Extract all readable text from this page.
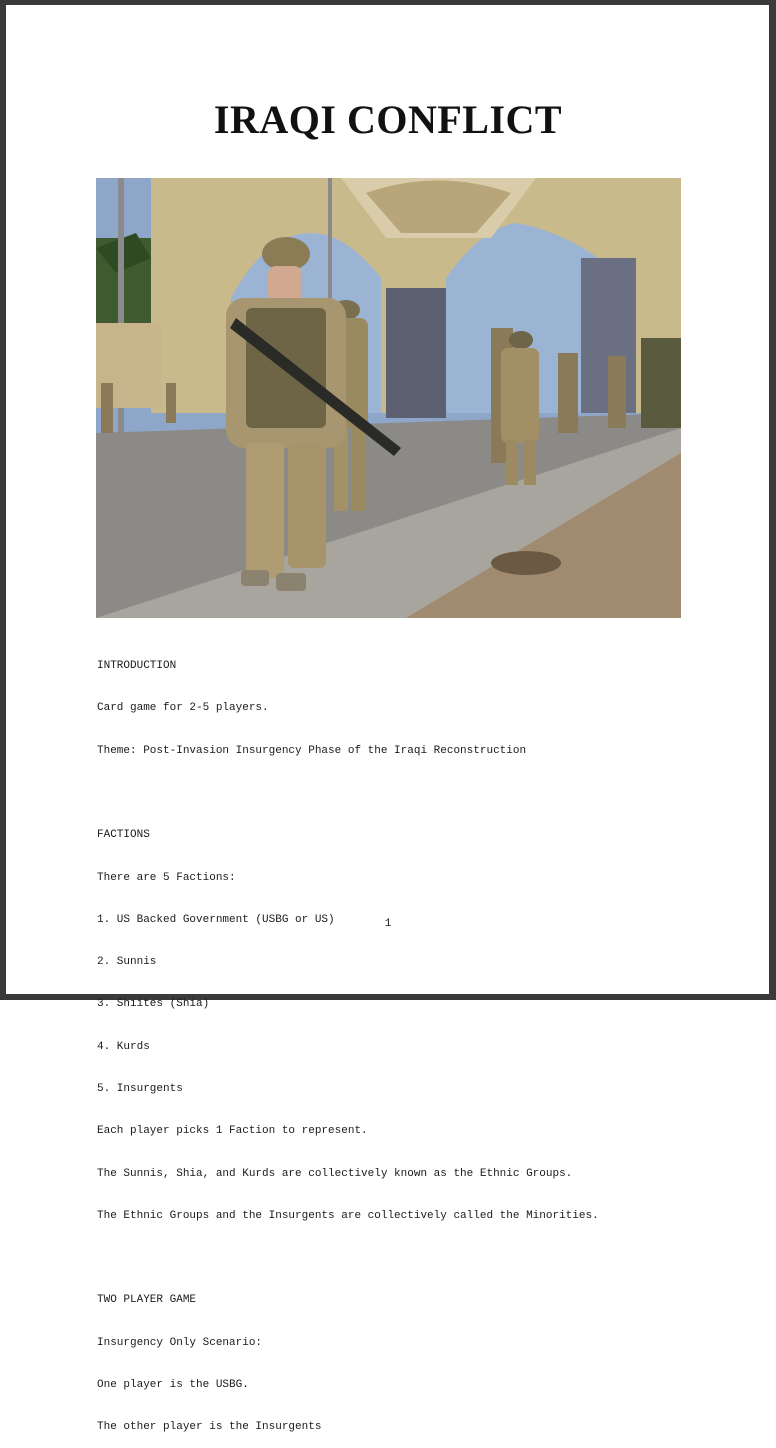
IRAQI CONFLICT

INTRODUCTION

Card game for 2-5 players.

Theme: Post-Invasion Insurgency Phase of the Iraqi Reconstruction

FACTIONS

There are 5 Factions:

1. US Backed Government (USBG or US)

2. Sunnis

3. Shiites (Shia)

4. Kurds

5. Insurgents

Each player picks 1 Faction to represent.

The Sunnis, Shia, and Kurds are collectively known as the Ethnic Groups.

The Ethnic Groups and the Insurgents are collectively called the Minorities.

TWO PLAYER GAME

Insurgency Only Scenario:

One player is the USBG.

The other player is the Insurgents

1
